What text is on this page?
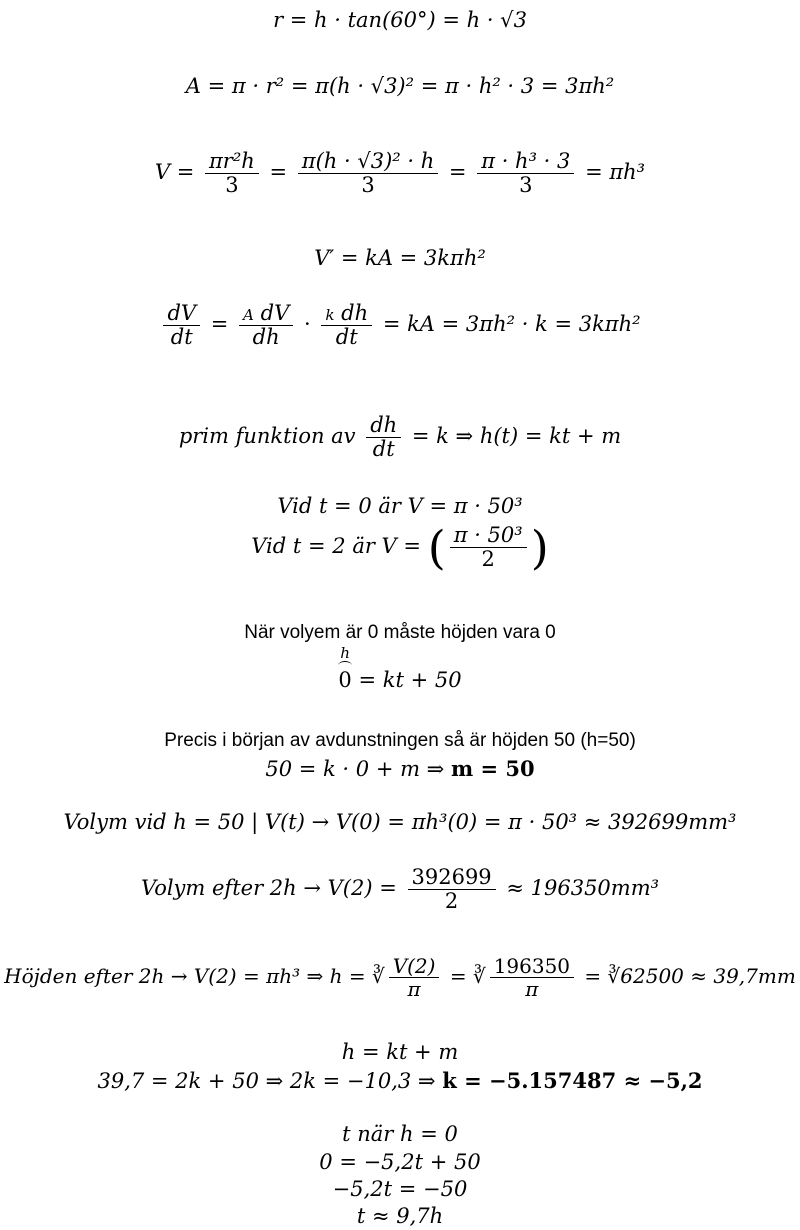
r = h · tan(60°) = h · √3
A = π · r² = π(h · √3)² = π · h² · 3 = 3πh²
$V = \frac{\text{πr²h}}{3} = \frac{\text{π(h · √3)² · h}}{3} = \frac{\text{π · h³ · 3}}{3} = \pi h^3$
V′ = kA = 3kπh²
$\frac{dV}{dt} = \frac{\text{A dV}}{dh} \cdot \frac{\text{k dh}}{dt}$ = kA = 3πh² · k = 3kπh²
prim funktion av $\frac{dh}{dt} = k$ ⇒ h(t) = kt + m
Vid t = 0 är V = π · 50³
Vid t = 2 är V = ( $\frac{\text{π · 50³}}{2}$ )
När volyem är 0 måste höjden vara 0
h
0 = kt + 50
Precis i början av avdunstningen så är höjden 50 (h=50)
50 = k · 0 + m ⇒ m = 50
Volym vid h = 50 | V(t) → V(0) = πh³(0) = π · 50³ ≈ 392699mm³
Volym efter $2h \to V(2) = \frac{392699}{2} \approx 196350mm^3$
Höjden efter 2h → V(2) = πh³ ⇒ h = ∛ $\frac{V(2)}{\pi}$ = ∛ $\frac{196350}{\pi}$ = ∛62500 ≈ 39,7mm
h = kt + m
39,7 = 2k + 50 ⇒ 2k = −10,3 ⇒ k = −5.157487 ≈ −5,2
t när h = 0
0 = −5,2t + 50
−5,2t = −50
t ≈ 9,7h
